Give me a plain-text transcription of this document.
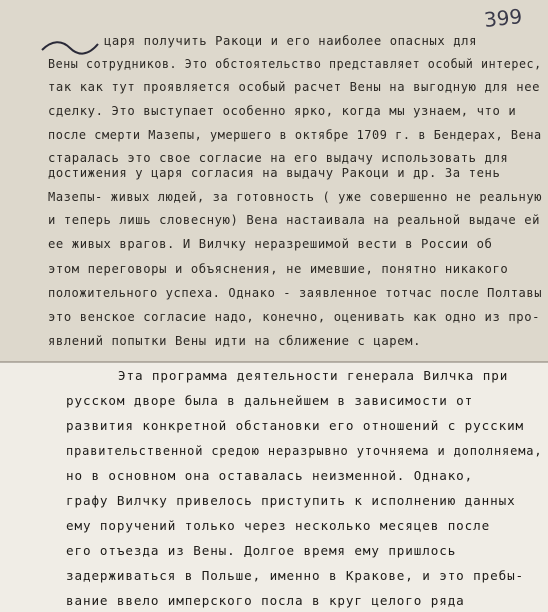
399
царя получить Ракоци и его наиболее опасных для
Вены сотрудников. Это обстоятельство представляет особый интерес,
так как тут проявляется особый расчет Вены на выгодную для нее
сделку. Это выступает особенно ярко, когда мы узнаем, что и
после смерти Мазепы, умершего в октябре 1709 г. в Бендерах, Вена
старалась это свое согласие на его выдачу использовать для
достижения у царя согласия на выдачу Ракоци и др. За тень
Мазепы- живых людей, за готовность ( уже совершенно не реальную
и теперь лишь словесную) Вена настаивала на реальной выдаче ей
ее живых врагов. И Вилчку неразрешимой вести в России об
этом переговоры и объяснения, не имевшие, понятно никакого
положительного успеха. Однако - заявленное тотчас после Полтавы
это венское согласие надо, конечно, оценивать как одно из про-
явлений попытки Вены идти на сближение с царем.
Эта программа деятельности генерала Вилчка при
русском дворе была в дальнейшем в зависимости от
развития конкретной обстановки его отношений с русским
правительственной средою неразрывно уточняема и дополняема,
но в основном она оставалась неизменной. Однако,
графу Вилчку привелось приступить к исполнению данных
ему поручений только через несколько месяцев после
его отъезда из Вены. Долгое время ему пришлось
задерживаться в Польше, именно в Кракове, и это пребы-
вание ввело имперского посла в круг целого ряда
